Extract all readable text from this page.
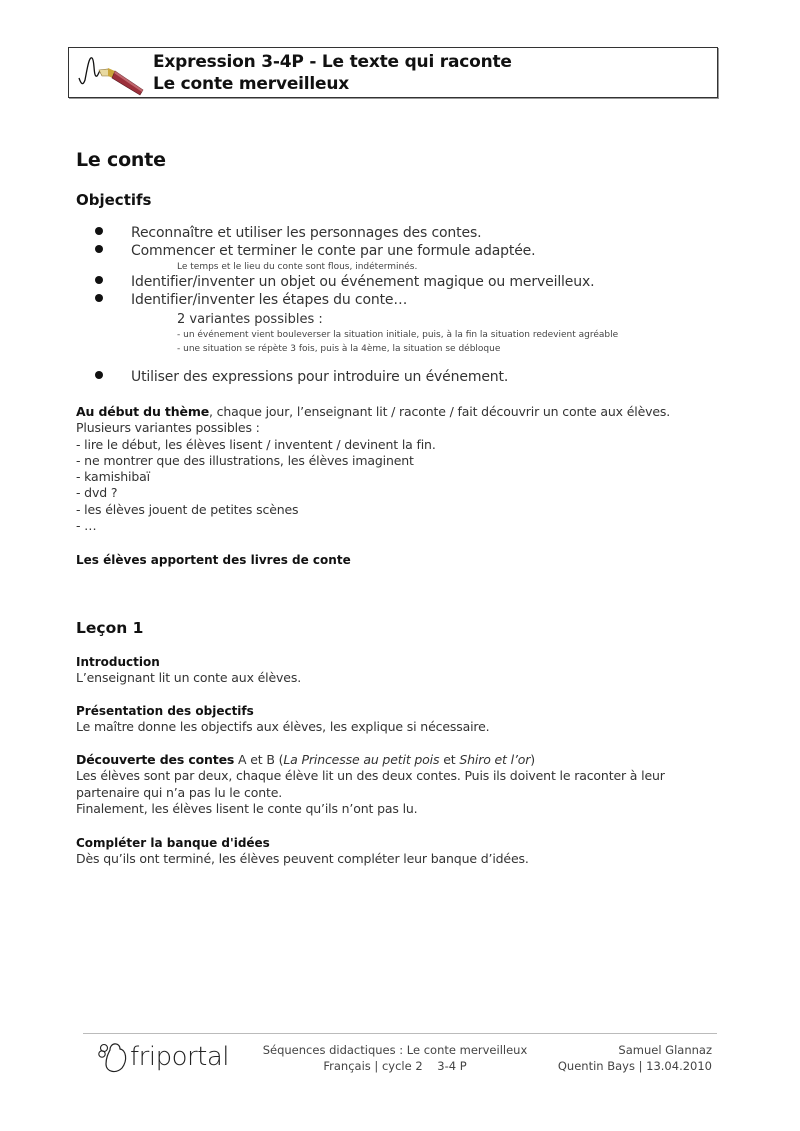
Expression 3-4P - Le texte qui raconte
Le conte merveilleux
Le conte
Objectifs
Reconnaître et utiliser les personnages des contes.
Commencer et terminer le conte par une formule adaptée.
Le temps et le lieu du conte sont flous, indéterminés.
Identifier/inventer un objet ou événement magique ou merveilleux.
Identifier/inventer les étapes du conte…
2 variantes possibles :
- un événement vient bouleverser la situation initiale, puis, à la fin la situation redevient agréable
- une situation se répète 3 fois, puis à la 4ème, la situation se débloque
Utiliser des expressions pour introduire un événement.
Au début du thème, chaque jour, l’enseignant lit / raconte / fait découvrir un conte aux élèves.
Plusieurs variantes possibles :
- lire le début, les élèves lisent / inventent / devinent la fin.
- ne montrer que des illustrations, les élèves imaginent
- kamishibaï
- dvd ?
- les élèves jouent de petites scènes
- …
Les élèves apportent des livres de conte
Leçon 1
Introduction
L’enseignant lit un conte aux élèves.
Présentation des objectifs
Le maître donne les objectifs aux élèves, les explique si nécessaire.
Découverte des contes A et B (La Princesse au petit pois et Shiro et l’or)
Les élèves sont par deux, chaque élève lit un des deux contes. Puis ils doivent le raconter à leur
partenaire qui n’a pas lu le conte.
Finalement, les élèves lisent le conte qu’ils n’ont pas lu.
Compléter la banque d'idées
Dès qu’ils ont terminé, les élèves peuvent compléter leur banque d’idées.
friportal	Séquences didactiques : Le conte merveilleux
Français | cycle 2    3-4 P
Samuel Glannaz
Quentin Bays | 13.04.2010
